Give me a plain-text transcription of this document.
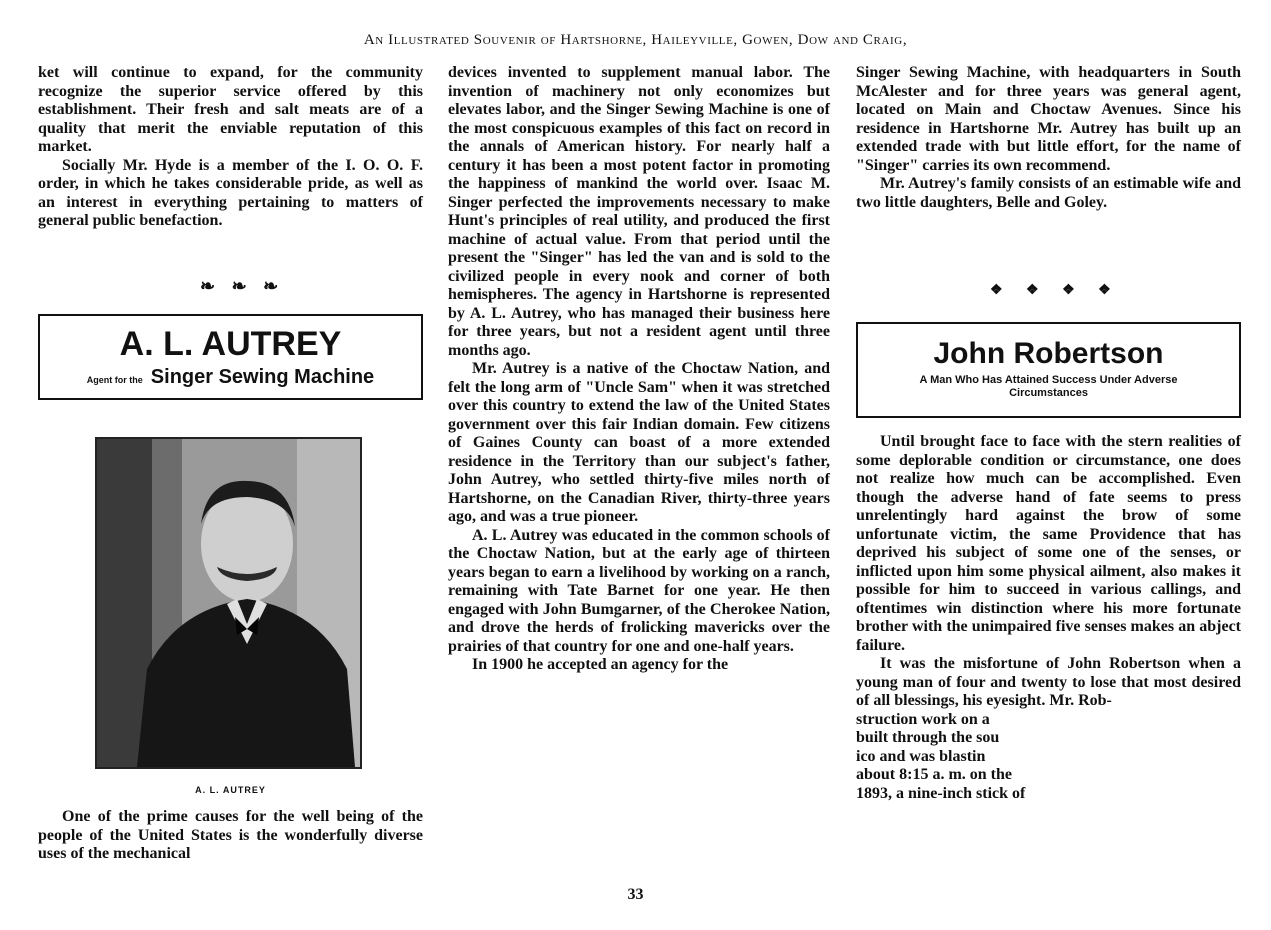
An Illustrated Souvenir of Hartshorne, Haileyville, Gowen, Dow and Craig,

ket will continue to expand, for the community recognize the superior service offered by this establishment. Their fresh and salt meats are of a quality that merit the enviable reputation of this market.

Socially Mr. Hyde is a member of the I. O. O. F. order, in which he takes considerable pride, as well as an interest in everything pertaining to matters of general public benefaction.

❧ ❧ ❧
A. L. AUTREY
Agent for the Singer Sewing Machine
A. L. AUTREY

One of the prime causes for the well being of the people of the United States is the wonderfully diverse uses of the mechanical

devices invented to supplement manual labor. The invention of machinery not only economizes but elevates labor, and the Singer Sewing Machine is one of the most conspicuous examples of this fact on record in the annals of American history. For nearly half a century it has been a most potent factor in promoting the happiness of mankind the world over. Isaac M. Singer perfected the improvements necessary to make Hunt's principles of real utility, and produced the first machine of actual value. From that period until the present the "Singer" has led the van and is sold to the civilized people in every nook and corner of both hemispheres. The agency in Hartshorne is represented by A. L. Autrey, who has managed their business here for three years, but not a resident agent until three months ago.

Mr. Autrey is a native of the Choctaw Nation, and felt the long arm of "Uncle Sam" when it was stretched over this country to extend the law of the United States government over this fair Indian domain. Few citizens of Gaines County can boast of a more extended residence in the Territory than our subject's father, John Autrey, who settled thirty-five miles north of Hartshorne, on the Canadian River, thirty-three years ago, and was a true pioneer.

A. L. Autrey was educated in the common schools of the Choctaw Nation, but at the early age of thirteen years began to earn a livelihood by working on a ranch, remaining with Tate Barnet for one year. He then engaged with John Bumgarner, of the Cherokee Nation, and drove the herds of frolicking mavericks over the prairies of that country for one and one-half years.

In 1900 he accepted an agency for the

Singer Sewing Machine, with headquarters in South McAlester and for three years was general agent, located on Main and Choctaw Avenues. Since his residence in Hartshorne Mr. Autrey has built up an extended trade with but little effort, for the name of "Singer" carries its own recommend.

Mr. Autrey's family consists of an estimable wife and two little daughters, Belle and Goley.

❖ ❖ ❖ ❖
John Robertson
A Man Who Has Attained Success Under Adverse Circumstances

Until brought face to face with the stern realities of some deplorable condition or circumstance, one does not realize how much can be accomplished. Even though the adverse hand of fate seems to press unrelentingly hard against the brow of some unfortunate victim, the same Providence that has deprived his subject of some one of the senses, or inflicted upon him some physical ailment, also makes it possible for him to succeed in various callings, and oftentimes win distinction where his more fortunate brother with the unimpaired five senses makes an abject failure.

It was the misfortune of John Robertson when a young man of four and twenty to lose that most desired of all blessings, his eyesight. Mr. Rob-

struction work on a
built through the sou
ico and was blastin
about 8:15 a. m. on the
1893, a nine-inch stick of
33
